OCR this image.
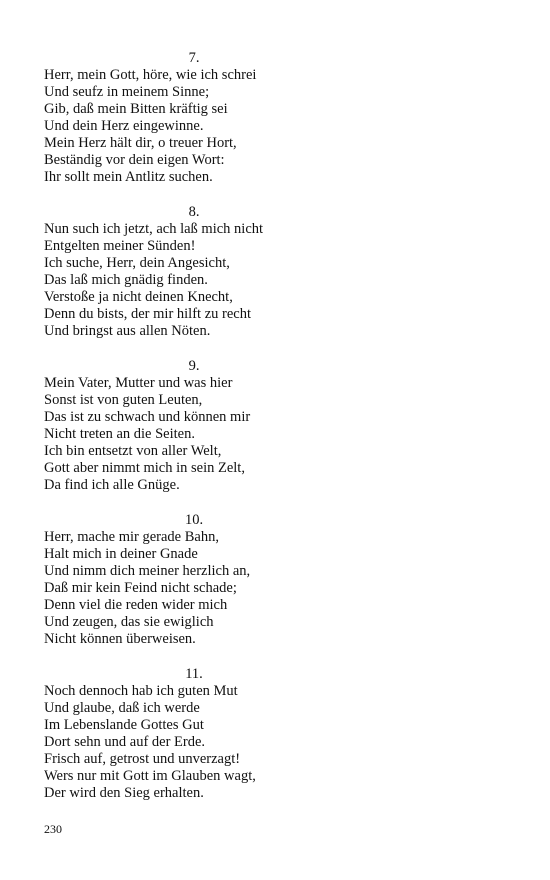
7.
Herr, mein Gott, höre, wie ich schrei
Und seufz in meinem Sinne;
Gib, daß mein Bitten kräftig sei
Und dein Herz eingewinne.
Mein Herz hält dir, o treuer Hort,
Beständig vor dein eigen Wort:
Ihr sollt mein Antlitz suchen.
8.
Nun such ich jetzt, ach laß mich nicht
Entgelten meiner Sünden!
Ich suche, Herr, dein Angesicht,
Das laß mich gnädig finden.
Verstoße ja nicht deinen Knecht,
Denn du bists, der mir hilft zu recht
Und bringst aus allen Nöten.
9.
Mein Vater, Mutter und was hier
Sonst ist von guten Leuten,
Das ist zu schwach und können mir
Nicht treten an die Seiten.
Ich bin entsetzt von aller Welt,
Gott aber nimmt mich in sein Zelt,
Da find ich alle Gnüge.
10.
Herr, mache mir gerade Bahn,
Halt mich in deiner Gnade
Und nimm dich meiner herzlich an,
Daß mir kein Feind nicht schade;
Denn viel die reden wider mich
Und zeugen, das sie ewiglich
Nicht können überweisen.
11.
Noch dennoch hab ich guten Mut
Und glaube, daß ich werde
Im Lebenslande Gottes Gut
Dort sehn und auf der Erde.
Frisch auf, getrost und unverzagt!
Wers nur mit Gott im Glauben wagt,
Der wird den Sieg erhalten.
230
